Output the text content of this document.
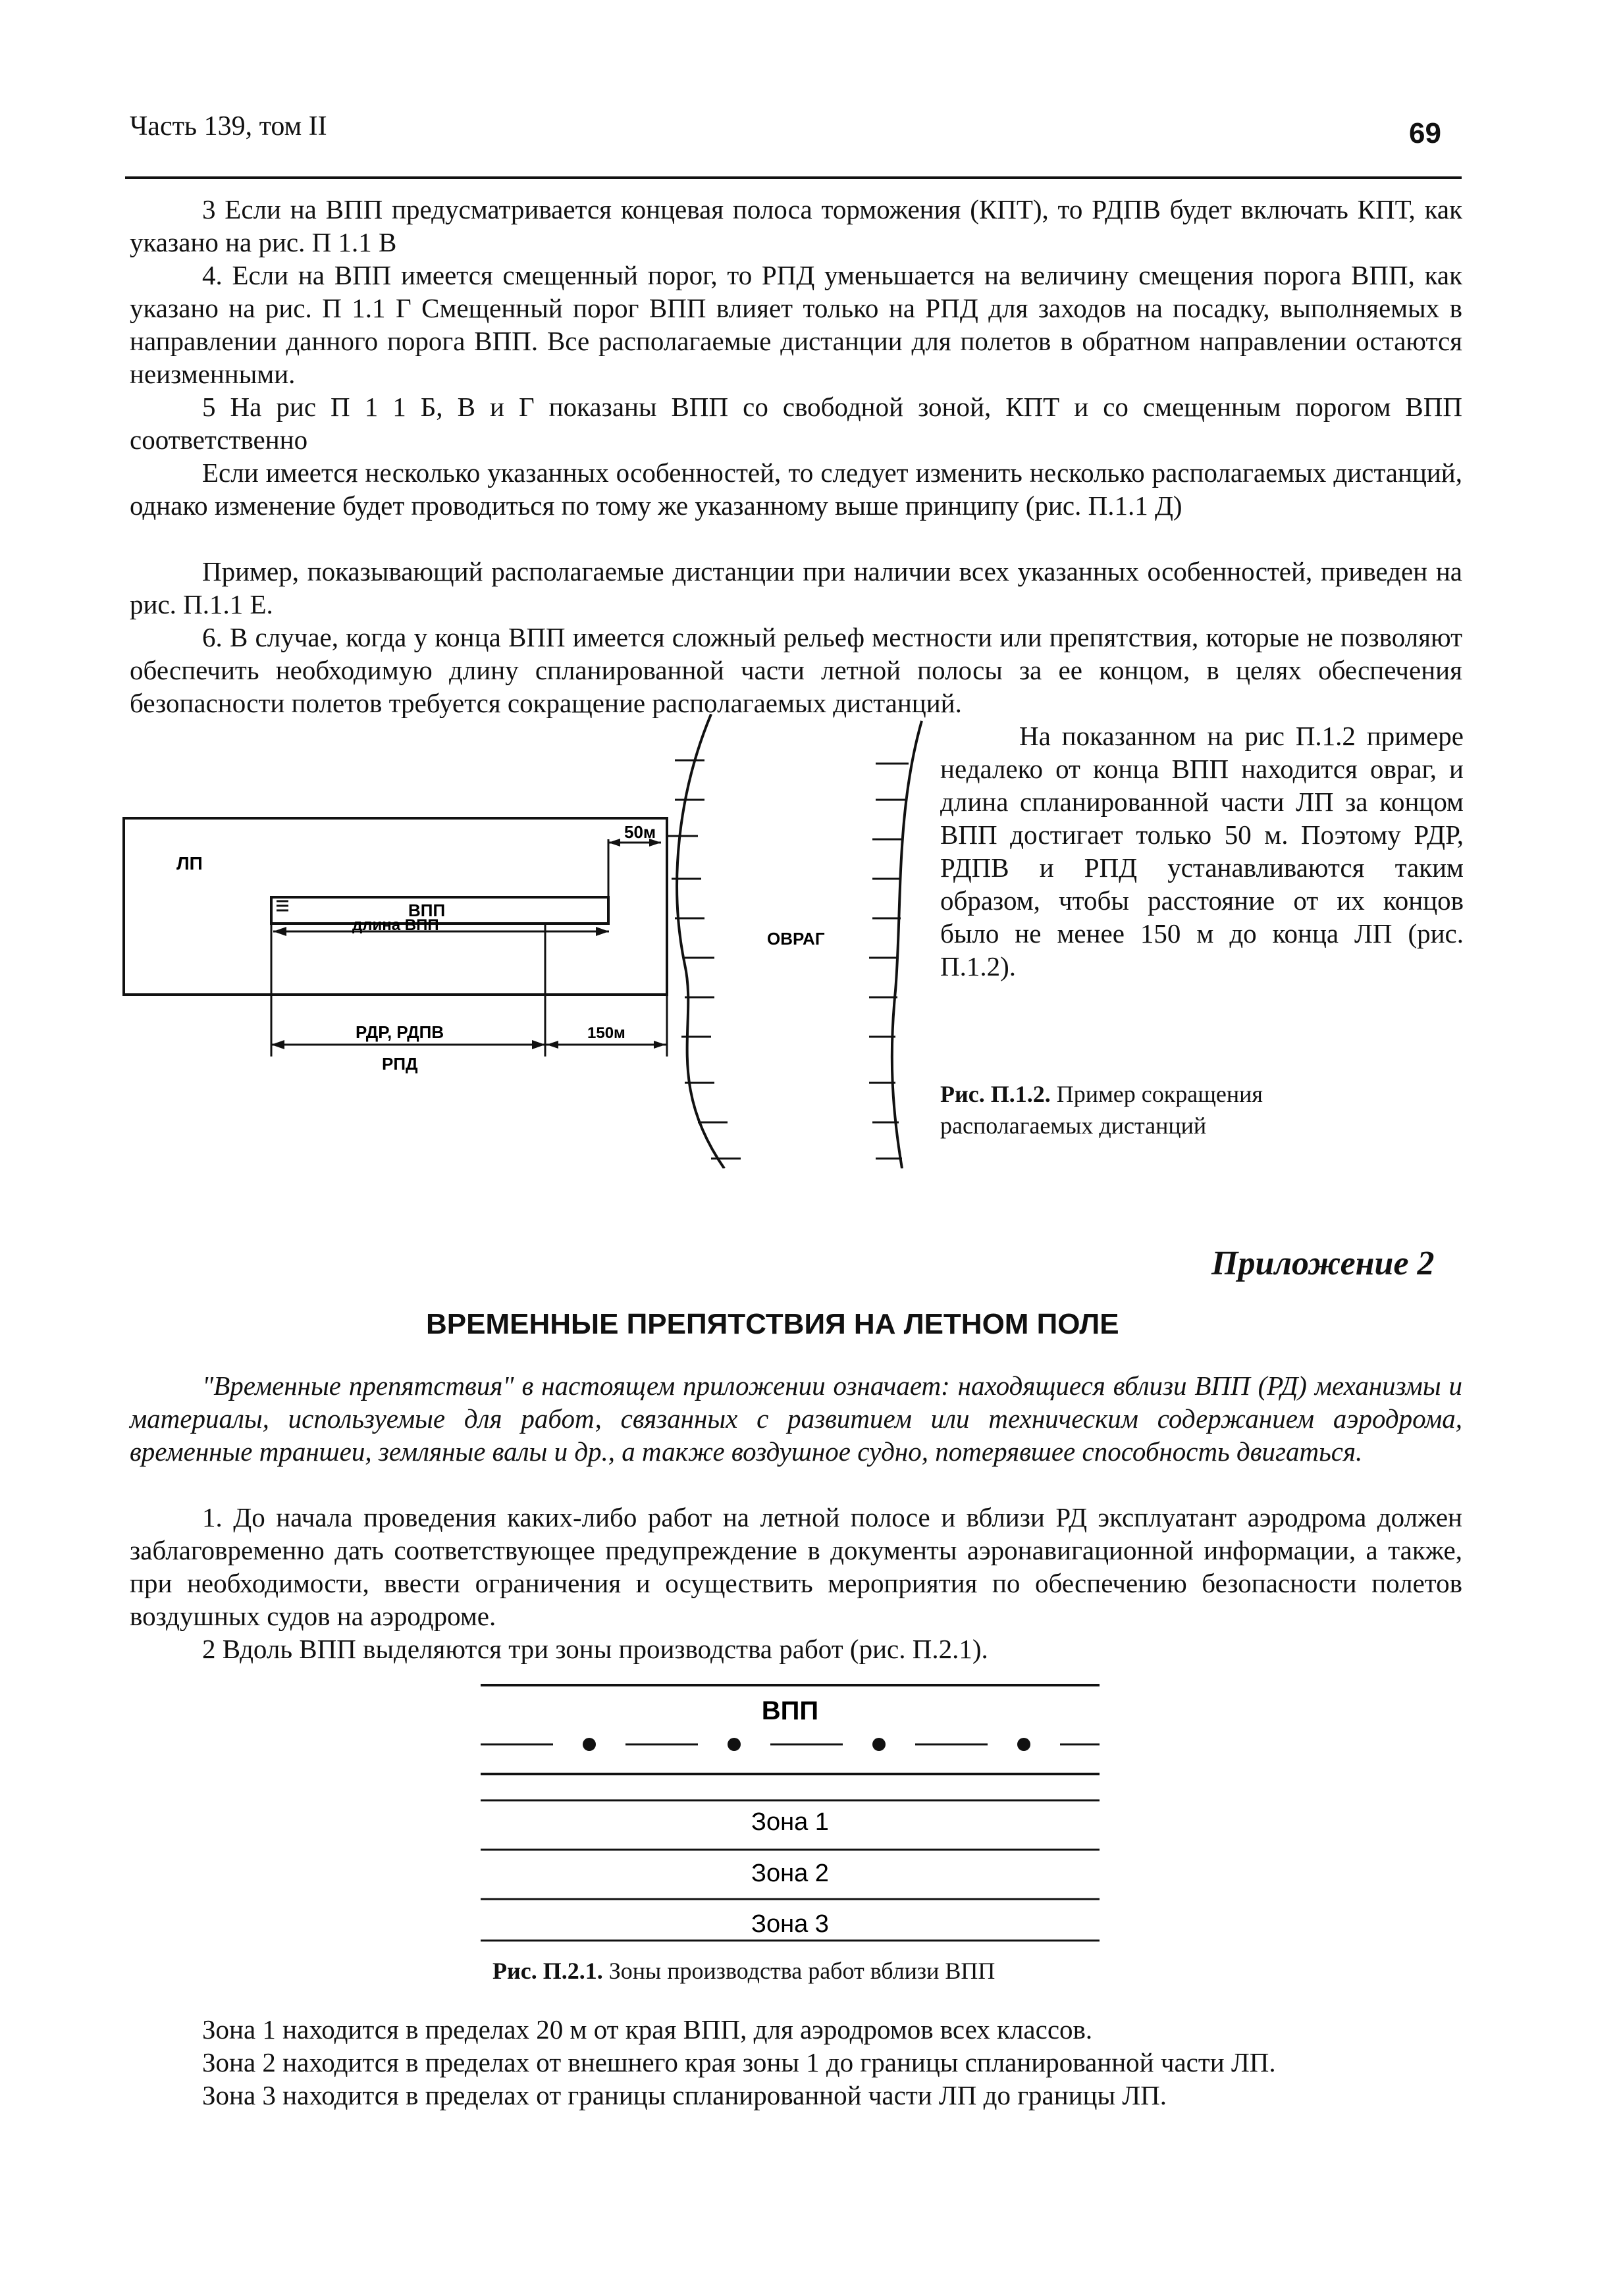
Часть 139, том II	69

3 Если на ВПП предусматривается концевая полоса торможения (КПТ), то РДПВ будет включать КПТ, как указано на рис. П 1.1 В

4. Если на ВПП имеется смещенный порог, то РПД уменьшается на величину смещения порога ВПП, как указано на рис. П 1.1 Г Смещенный порог ВПП влияет только на РПД для заходов на посадку, выполняемых в направлении данного порога ВПП. Все располагаемые дистанции для полетов в обратном направлении остаются неизменными.

5 На рис П 1 1 Б, В и Г показаны ВПП со свободной зоной, КПТ и со смещенным порогом ВПП соответственно

Если имеется несколько указанных особенностей, то следует изменить несколько располагаемых дистанций, однако изменение будет проводиться по тому же указанному выше принципу (рис. П.1.1 Д)

Пример, показывающий располагаемые дистанции при наличии всех указанных особенностей, приведен на рис. П.1.1 Е.

6. В случае, когда у конца ВПП имеется сложный рельеф местности или препятствия, которые не позволяют обеспечить необходимую длину спланированной части летной полосы за ее концом, в целях обеспечения безопасности полетов требуется сокращение располагаемых дистанций.

На показанном на рис П.1.2 примере недалеко от конца ВПП находится овраг, и длина спланированной части ЛП за концом ВПП достигает только 50 м. Поэтому РДР, РДПВ и РПД устанавливаются таким образом, чтобы расстояние от их концов было не менее 150 м до конца ЛП (рис. П.1.2).

ЛП
ВПП
длина ВПП
50м
РДР, РДПВ
РПД
150м
ОВРАГ
Рис. П.1.2. Пример сокращения располагаемых дистанций
Приложение 2
ВРЕМЕННЫЕ ПРЕПЯТСТВИЯ НА ЛЕТНОМ ПОЛЕ

"Временные препятствия" в настоящем приложении означает: находящиеся вблизи ВПП (РД) механизмы и материалы, используемые для работ, связанных с развитием или техническим содержанием аэродрома, временные траншеи, земляные валы и др., а также воздушное судно, потерявшее способность двигаться.

1. До начала проведения каких-либо работ на летной полосе и вблизи РД эксплуатант аэродрома должен заблаговременно дать соответствующее предупреждение в документы аэронавигационной информации, а также, при необходимости, ввести ограничения и осуществить мероприятия по обеспечению безопасности полетов воздушных судов на аэродроме.

2 Вдоль ВПП выделяются три зоны производства работ (рис. П.2.1).

ВПП
Зона 1
Зона 2
Зона 3
Рис. П.2.1. Зоны производства работ вблизи ВПП

Зона 1 находится в пределах 20 м от края ВПП, для аэродромов всех классов.

Зона 2 находится в пределах от внешнего края зоны 1 до границы спланированной части ЛП.

Зона 3 находится в пределах от границы спланированной части ЛП до границы ЛП.
